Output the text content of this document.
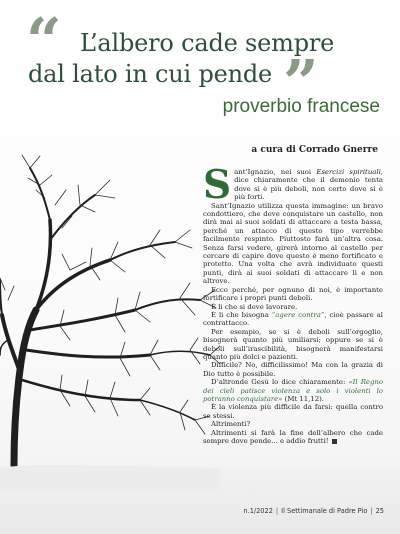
“ L’albero cade sempre
dal lato in cui pende ”
proverbio francese
a cura di Corrado Gnerre

Sant’Ignazio, nei suoi Esercizi spirituali, dice chiaramente che il demonio tenta dove si è più deboli, non certo dove si è più forti.

Sant’Ignazio utilizza questa immagine: un bravo condottiero, che deve conquistare un castello, non dirà mai ai suoi soldati di attaccare a testa bassa, perché un attacco di questo tipo verrebbe facilmente respinto. Piuttosto farà un’altra cosa. Senza farsi vedere, girerà intorno al castello per cercare di capire dove questo è meno fortificato e protetto. Una volta che avrà individuato questi punti, dirà ai suoi soldati di attaccare lì e non altrove.

Ecco perché, per ognuno di noi, è importante fortificare i propri punti deboli.

È li che si deve lavorare.

È li che bisogna “agere contra”, cioè passare al contrattacco.

Per esempio, se si è deboli sull’orgoglio, bisognerà quanto più umiliarsi; oppure se si è deboli sull’irascibilità, bisognerà manifestarsi quanto più dolci e pazienti.

Difficile? No, difficilissimo! Ma con la grazia di Dio tutto è possibile.

D’altronde Gesù lo dice chiaramente: «Il Regno dei cieli patisce violenza e solo i violenti lo potranno conquistare» (Mt 11,12).

È la violenza più difficile da farsi: quella contro se stessi.

Altrimenti?

Altrimenti si farà la fine dell’albero che cade sempre dove pende... e addio frutti!

n.1/2022 | Il Settimanale di Padre Pio | 25
